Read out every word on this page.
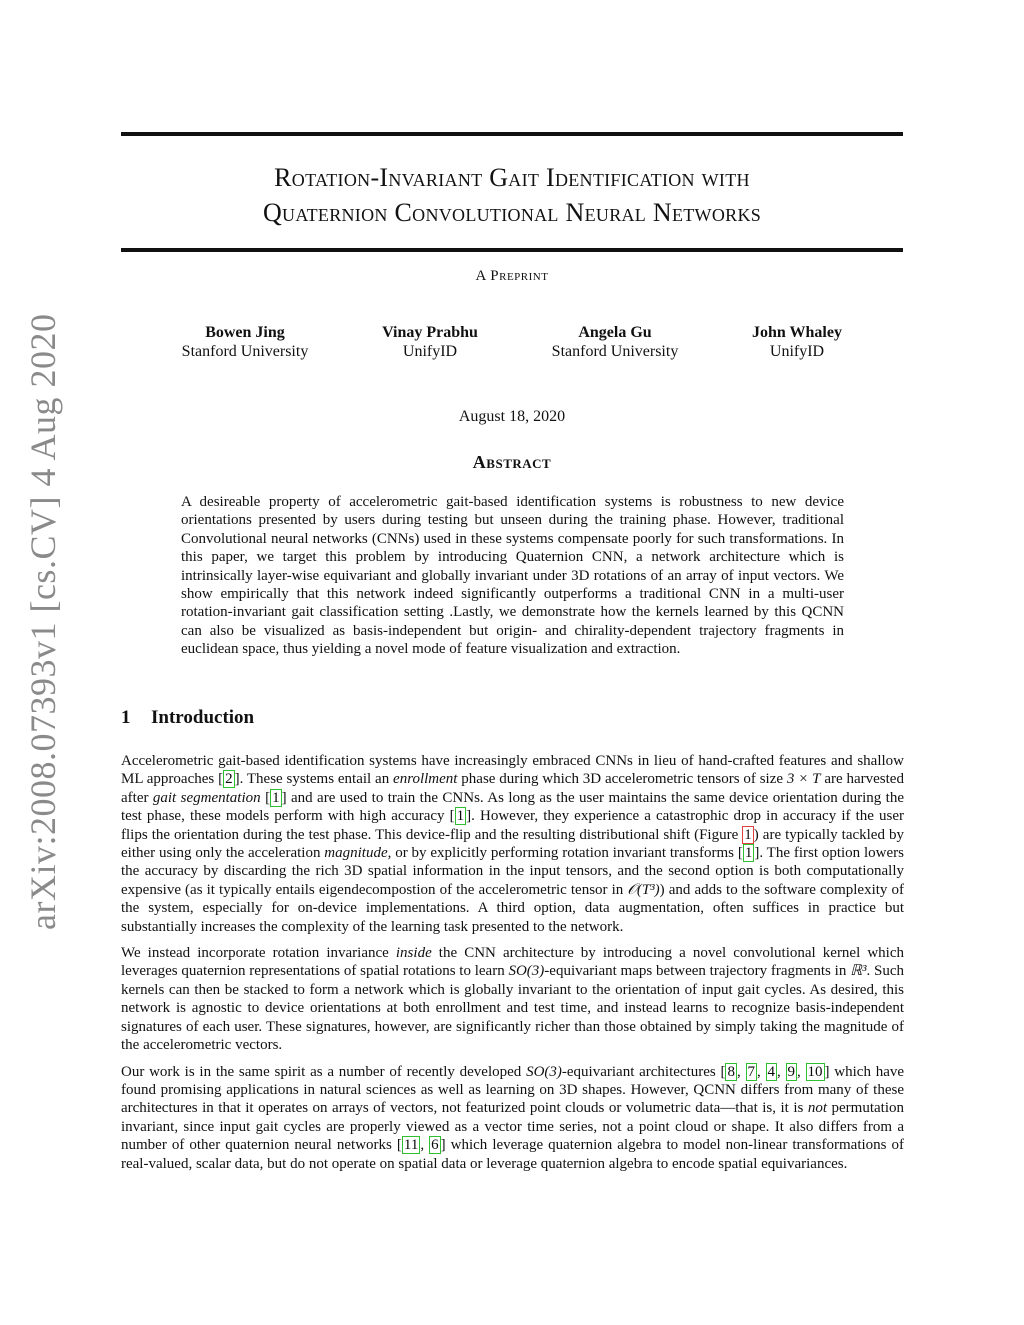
Rotation-Invariant Gait Identification with
Quaternion Convolutional Neural Networks
A Preprint
Bowen Jing
Stanford University
Vinay Prabhu
UnifyID
Angela Gu
Stanford University
John Whaley
UnifyID
August 18, 2020
Abstract
A desireable property of accelerometric gait-based identification systems is robustness to new device orientations presented by users during testing but unseen during the training phase. However, traditional Convolutional neural networks (CNNs) used in these systems compensate poorly for such transformations. In this paper, we target this problem by introducing Quaternion CNN, a network architecture which is intrinsically layer-wise equivariant and globally invariant under 3D rotations of an array of input vectors. We show empirically that this network indeed significantly outperforms a traditional CNN in a multi-user rotation-invariant gait classification setting .Lastly, we demonstrate how the kernels learned by this QCNN can also be visualized as basis-independent but origin- and chirality-dependent trajectory fragments in euclidean space, thus yielding a novel mode of feature visualization and extraction.
1 Introduction

Accelerometric gait-based identification systems have increasingly embraced CNNs in lieu of hand-crafted features and shallow ML approaches [ 2 ]. These systems entail an enrollment phase during which 3D accelerometric tensors of size 3 × T are harvested after gait segmentation [ 1 ] and are used to train the CNNs. As long as the user maintains the same device orientation during the test phase, these models perform with high accuracy [ 1 ]. However, they experience a catastrophic drop in accuracy if the user flips the orientation during the test phase. This device-flip and the resulting distributional shift (Figure 1 ) are typically tackled by either using only the acceleration magnitude, or by explicitly performing rotation invariant transforms [ 1 ]. The first option lowers the accuracy by discarding the rich 3D spatial information in the input tensors, and the second option is both computationally expensive (as it typically entails eigendecompostion of the accelerometric tensor in 𝒪(T³)) and adds to the software complexity of the system, especially for on-device implementations. A third option, data augmentation, often suffices in practice but substantially increases the complexity of the learning task presented to the network.

We instead incorporate rotation invariance inside the CNN architecture by introducing a novel convolutional kernel which leverages quaternion representations of spatial rotations to learn SO(3)-equivariant maps between trajectory fragments in ℝ³. Such kernels can then be stacked to form a network which is globally invariant to the orientation of input gait cycles. As desired, this network is agnostic to device orientations at both enrollment and test time, and instead learns to recognize basis-independent signatures of each user. These signatures, however, are significantly richer than those obtained by simply taking the magnitude of the accelerometric vectors.

Our work is in the same spirit as a number of recently developed SO(3)-equivariant architectures [ 8 , 7 , 4 , 9 , 10 ] which have found promising applications in natural sciences as well as learning on 3D shapes. However, QCNN differs from many of these architectures in that it operates on arrays of vectors, not featurized point clouds or volumetric data—that is, it is not permutation invariant, since input gait cycles are properly viewed as a vector time series, not a point cloud or shape. It also differs from a number of other quaternion neural networks [ 11 , 6 ] which leverage quaternion algebra to model non-linear transformations of real-valued, scalar data, but do not operate on spatial data or leverage quaternion algebra to encode spatial equivariances.

arXiv:2008.07393v1 [cs.CV] 4 Aug 2020
